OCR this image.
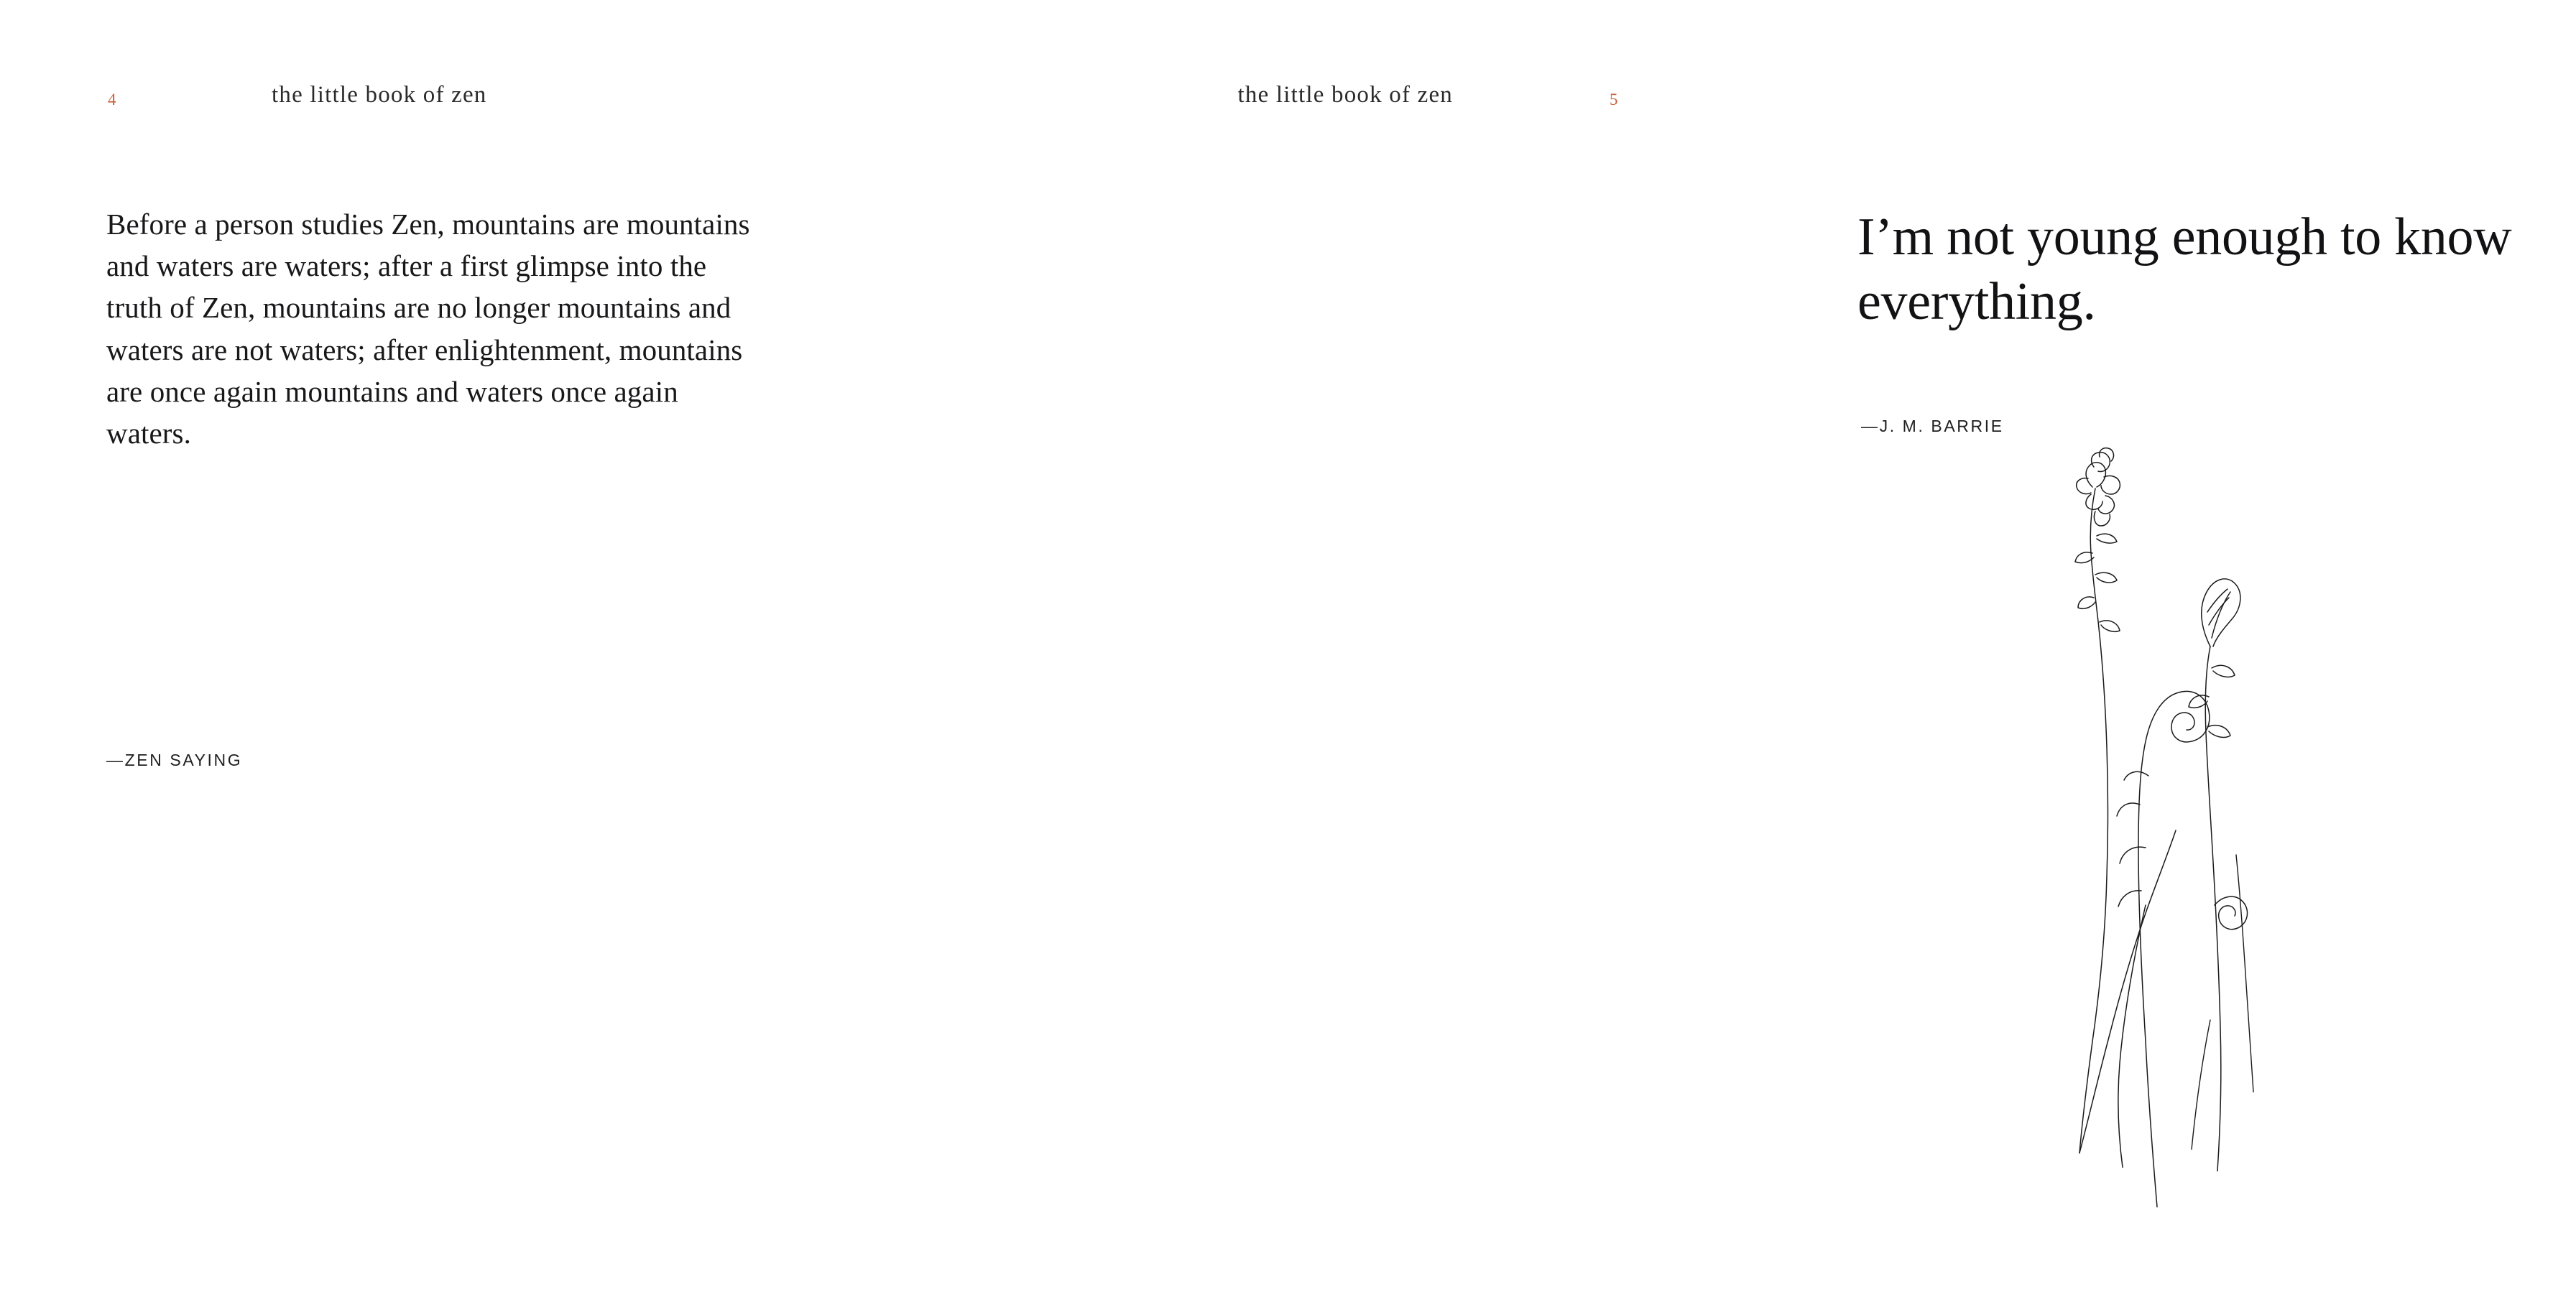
4	the little book of zen
Before a person studies Zen, mountains are mountains and waters are waters; after a first glimpse into the truth of Zen, mountains are no longer mountains and waters are not waters; after enlightenment, mountains are once again mountains and waters once again waters.
—ZEN SAYING
5
the little book of zen
I’m not young enough to know everything.
—J. M. BARRIE
